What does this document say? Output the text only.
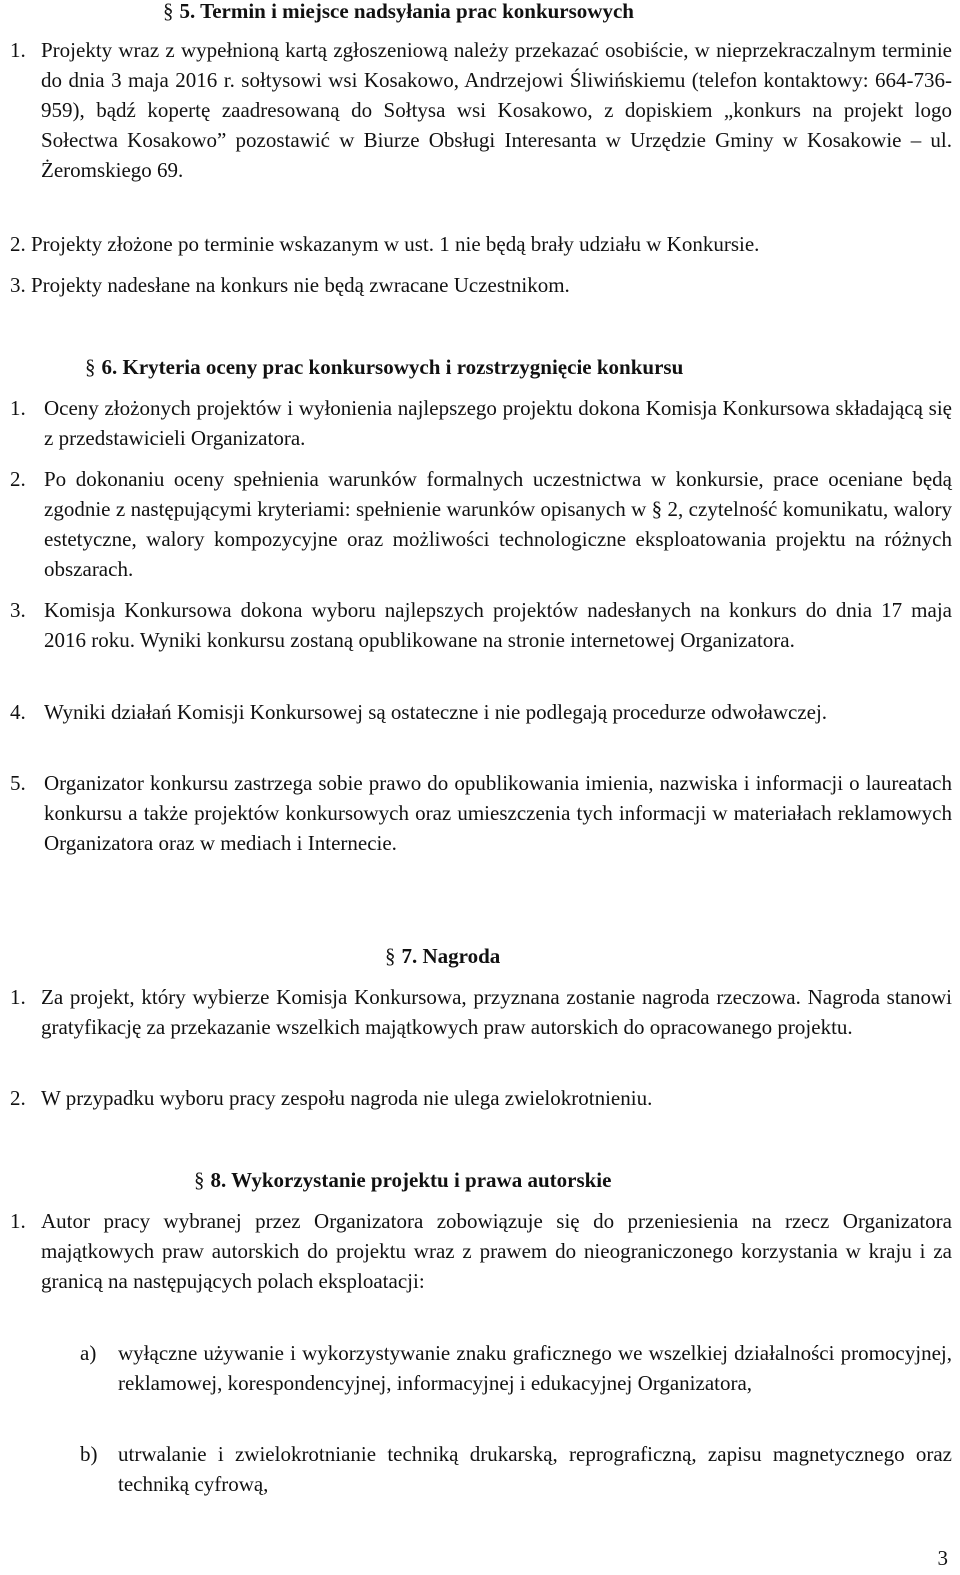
§ 5. Termin i miejsce nadsyłania prac konkursowych
1. Projekty wraz z wypełnioną kartą zgłoszeniową należy przekazać osobiście, w nieprzekraczalnym terminie do dnia 3 maja 2016 r. sołtysowi wsi Kosakowo, Andrzejowi Śliwińskiemu (telefon kontaktowy: 664-736-959), bądź kopertę zaadresowaną do Sołtysa wsi Kosakowo, z dopiskiem „konkurs na projekt logo Sołectwa Kosakowo” pozostawić w Biurze Obsługi Interesanta w Urzędzie Gminy w Kosakowie – ul. Żeromskiego 69.
2. Projekty złożone po terminie wskazanym w ust. 1 nie będą brały udziału w Konkursie.
3. Projekty nadesłane na konkurs nie będą zwracane Uczestnikom.
§ 6. Kryteria oceny prac konkursowych i rozstrzygnięcie konkursu
1. Oceny złożonych projektów i wyłonienia najlepszego projektu dokona Komisja Konkursowa składającą się z przedstawicieli Organizatora.
2. Po dokonaniu oceny spełnienia warunków formalnych uczestnictwa w konkursie, prace oceniane będą zgodnie z następującymi kryteriami: spełnienie warunków opisanych w § 2, czytelność komunikatu, walory estetyczne, walory kompozycyjne oraz możliwości technologiczne eksploatowania projektu na różnych obszarach.
3. Komisja Konkursowa dokona wyboru najlepszych projektów nadesłanych na konkurs do dnia 17 maja 2016 roku. Wyniki konkursu zostaną opublikowane na stronie internetowej Organizatora.
4. Wyniki działań Komisji Konkursowej są ostateczne i nie podlegają procedurze odwoławczej.
5. Organizator konkursu zastrzega sobie prawo do opublikowania imienia, nazwiska i informacji o laureatach konkursu a także projektów konkursowych oraz umieszczenia tych informacji w materiałach reklamowych Organizatora oraz w mediach i Internecie.
§ 7. Nagroda
1. Za projekt, który wybierze Komisja Konkursowa, przyznana zostanie nagroda rzeczowa. Nagroda stanowi gratyfikację za przekazanie wszelkich majątkowych praw autorskich do opracowanego projektu.
2. W przypadku wyboru pracy zespołu nagroda nie ulega zwielokrotnieniu.
§ 8. Wykorzystanie projektu i prawa autorskie
1. Autor pracy wybranej przez Organizatora zobowiązuje się do przeniesienia na rzecz Organizatora majątkowych praw autorskich do projektu wraz z prawem do nieograniczonego korzystania w kraju i za granicą na następujących polach eksploatacji:
a) wyłączne używanie i wykorzystywanie znaku graficznego we wszelkiej działalności promocyjnej, reklamowej, korespondencyjnej, informacyjnej i edukacyjnej Organizatora,
b) utrwalanie i zwielokrotnianie techniką drukarską, reprograficzną, zapisu magnetycznego oraz techniką cyfrową,
3
